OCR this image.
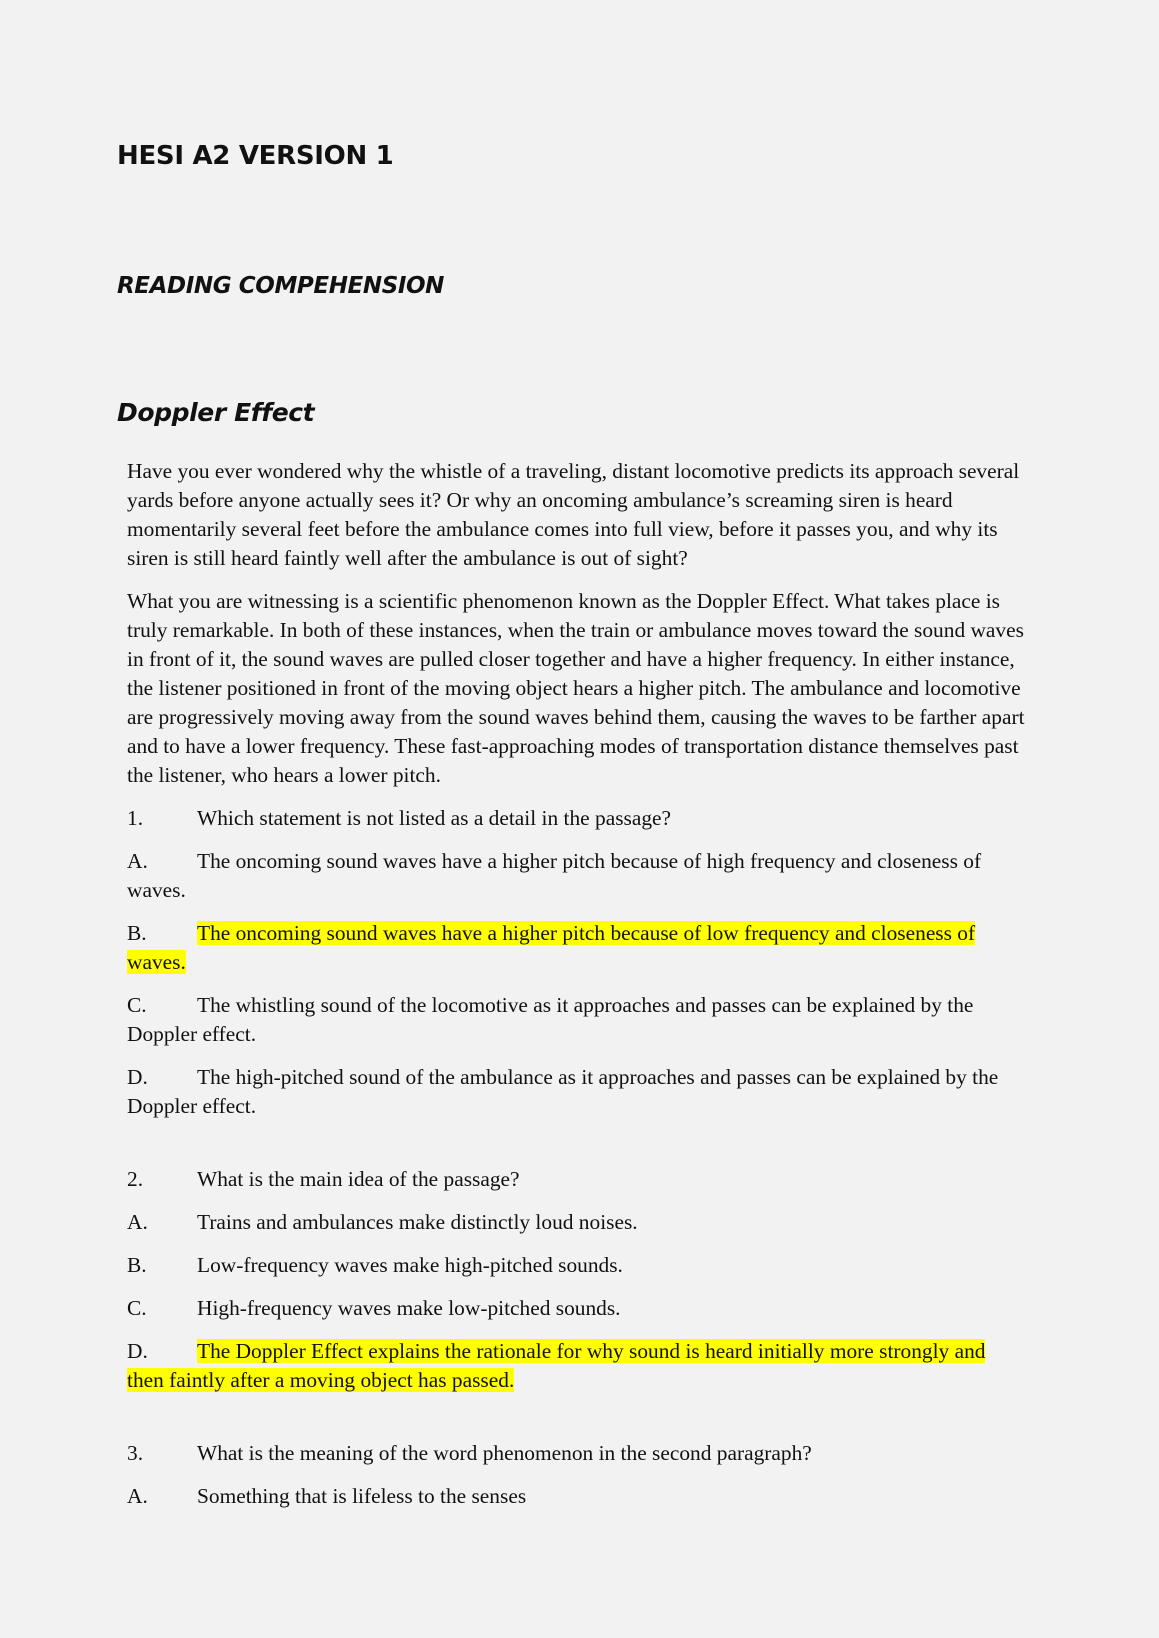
HESI A2 VERSION 1
READING COMPEHENSION
Doppler Effect

Have you ever wondered why the whistle of a traveling, distant locomotive predicts its approach several yards before anyone actually sees it? Or why an oncoming ambulance’s screaming siren is heard momentarily several feet before the ambulance comes into full view, before it passes you, and why its siren is still heard faintly well after the ambulance is out of sight?

What you are witnessing is a scientific phenomenon known as the Doppler Effect. What takes place is truly remarkable. In both of these instances, when the train or ambulance moves toward the sound waves in front of it, the sound waves are pulled closer together and have a higher frequency. In either instance, the listener positioned in front of the moving object hears a higher pitch. The ambulance and locomotive are progressively moving away from the sound waves behind them, causing the waves to be farther apart and to have a lower frequency. These fast-approaching modes of transportation distance themselves past the listener, who hears a lower pitch.

1.	Which statement is not listed as a detail in the passage?
A. The oncoming sound waves have a higher pitch because of high frequency and closeness of waves.
B. The oncoming sound waves have a higher pitch because of low frequency and closeness of waves.
C. The whistling sound of the locomotive as it approaches and passes can be explained by the Doppler effect.
D. The high-pitched sound of the ambulance as it approaches and passes can be explained by the Doppler effect.
2.	What is the main idea of the passage?
A. Trains and ambulances make distinctly loud noises.
B. Low-frequency waves make high-pitched sounds.
C. High-frequency waves make low-pitched sounds.
D. The Doppler Effect explains the rationale for why sound is heard initially more strongly and then faintly after a moving object has passed.
3.	What is the meaning of the word phenomenon in the second paragraph?
A. Something that is lifeless to the senses
